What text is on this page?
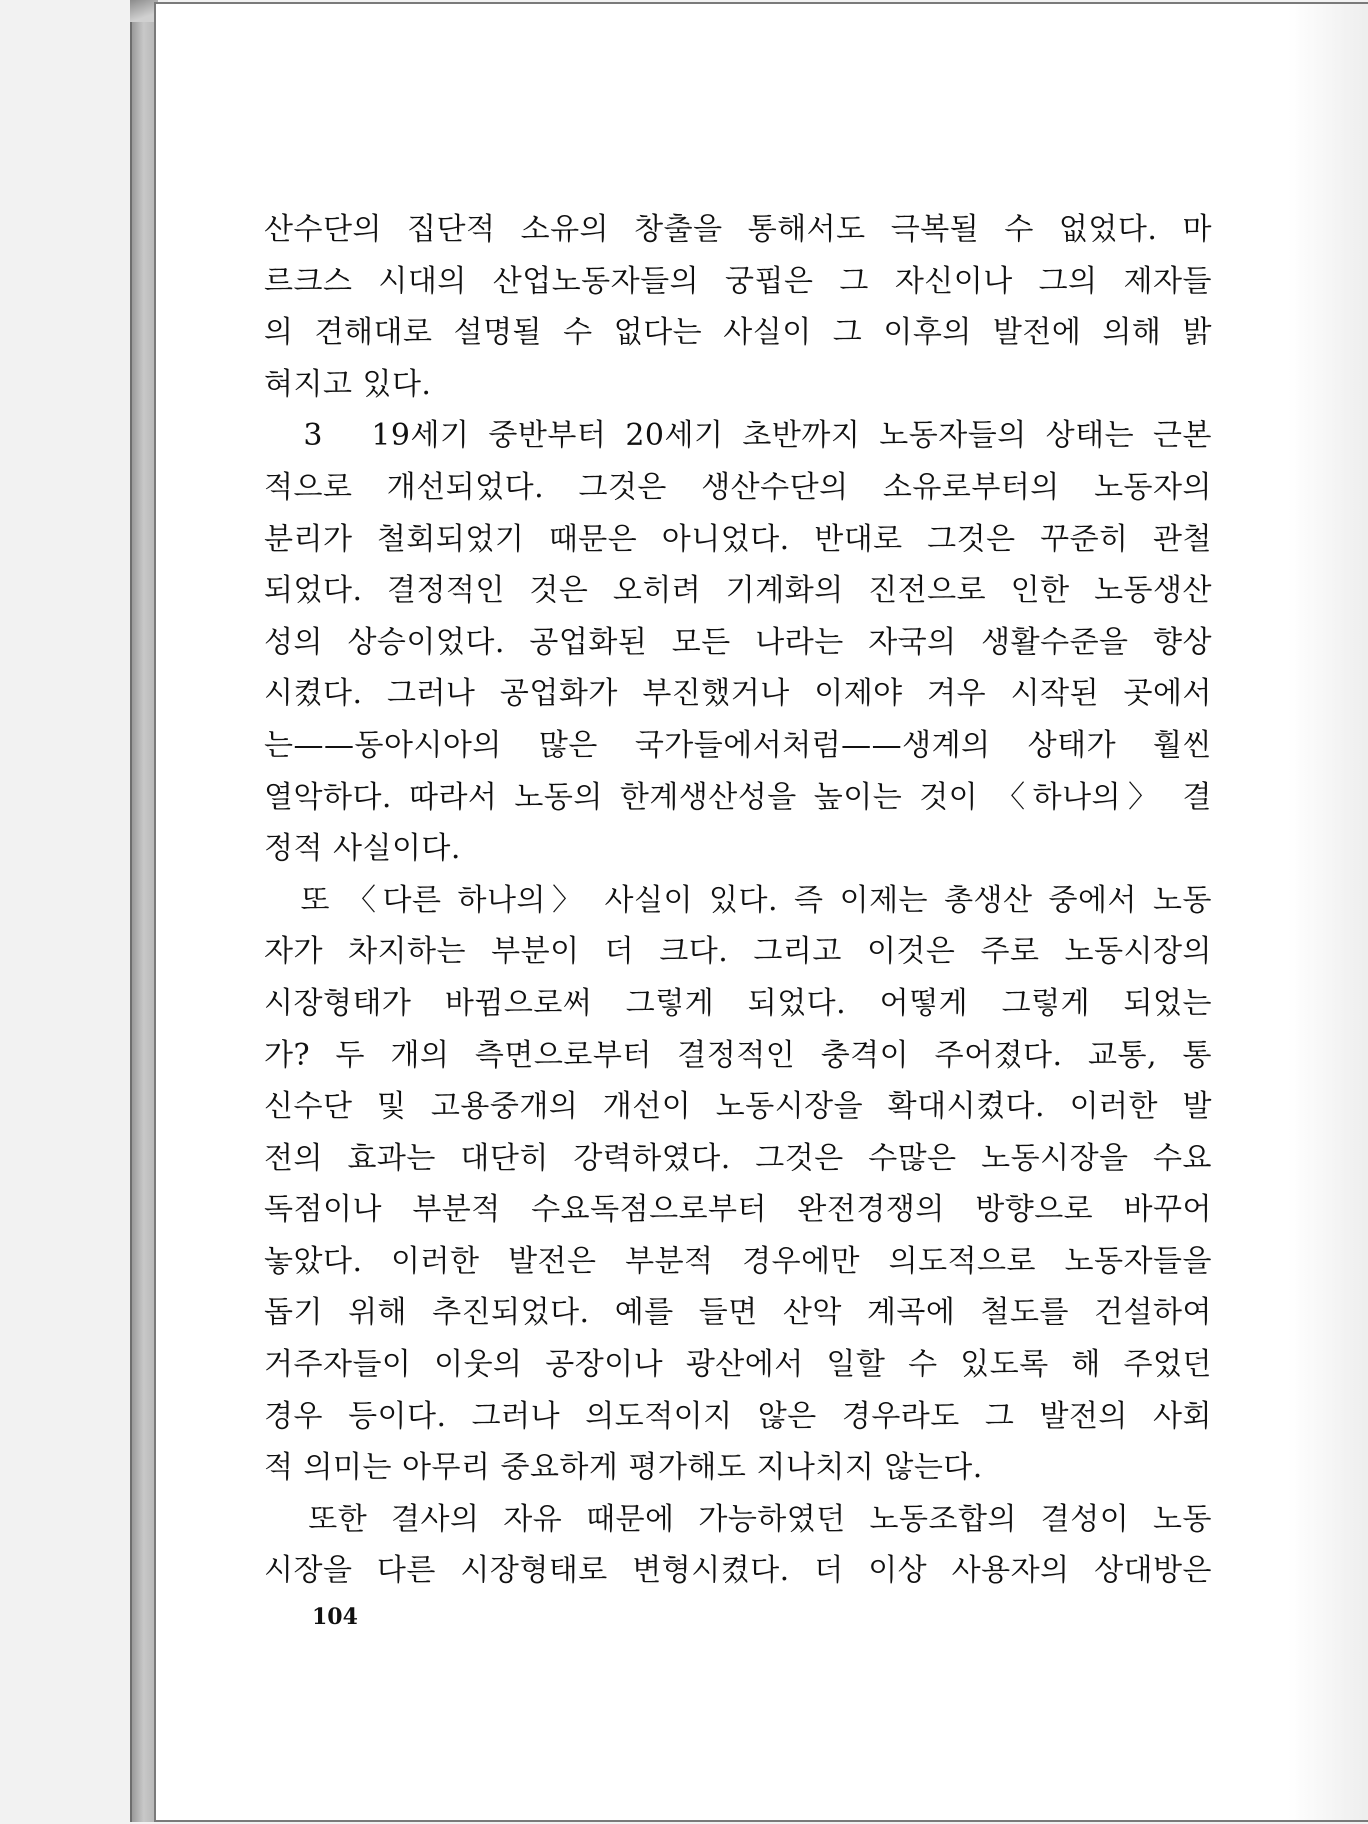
산수단의 집단적 소유의 창출을 통해서도 극복될 수 없었다. 마
르크스 시대의 산업노동자들의 궁핍은 그 자신이나 그의 제자들
의 견해대로 설명될 수 없다는 사실이 그 이후의 발전에 의해 밝
혀지고 있다.
　3　19세기 중반부터 20세기 초반까지 노동자들의 상태는 근본
적으로 개선되었다. 그것은 생산수단의 소유로부터의 노동자의
분리가 철회되었기 때문은 아니었다. 반대로 그것은 꾸준히 관철
되었다. 결정적인 것은 오히려 기계화의 진전으로 인한 노동생산
성의 상승이었다. 공업화된 모든 나라는 자국의 생활수준을 향상
시켰다. 그러나 공업화가 부진했거나 이제야 겨우 시작된 곳에서
는——동아시아의 많은 국가들에서처럼——생계의 상태가 훨씬
열악하다. 따라서 노동의 한계생산성을 높이는 것이 〈하나의〉 결
정적 사실이다.
　또 〈다른 하나의〉 사실이 있다. 즉 이제는 총생산 중에서 노동
자가 차지하는 부분이 더 크다. 그리고 이것은 주로 노동시장의
시장형태가 바뀜으로써 그렇게 되었다. 어떻게 그렇게 되었는
가? 두 개의 측면으로부터 결정적인 충격이 주어졌다. 교통, 통
신수단 및 고용중개의 개선이 노동시장을 확대시켰다. 이러한 발
전의 효과는 대단히 강력하였다. 그것은 수많은 노동시장을 수요
독점이나 부분적 수요독점으로부터 완전경쟁의 방향으로 바꾸어
놓았다. 이러한 발전은 부분적 경우에만 의도적으로 노동자들을
돕기 위해 추진되었다. 예를 들면 산악 계곡에 철도를 건설하여
거주자들이 이웃의 공장이나 광산에서 일할 수 있도록 해 주었던
경우 등이다. 그러나 의도적이지 않은 경우라도 그 발전의 사회
적 의미는 아무리 중요하게 평가해도 지나치지 않는다.
　또한 결사의 자유 때문에 가능하였던 노동조합의 결성이 노동
시장을 다른 시장형태로 변형시켰다. 더 이상 사용자의 상대방은
104
